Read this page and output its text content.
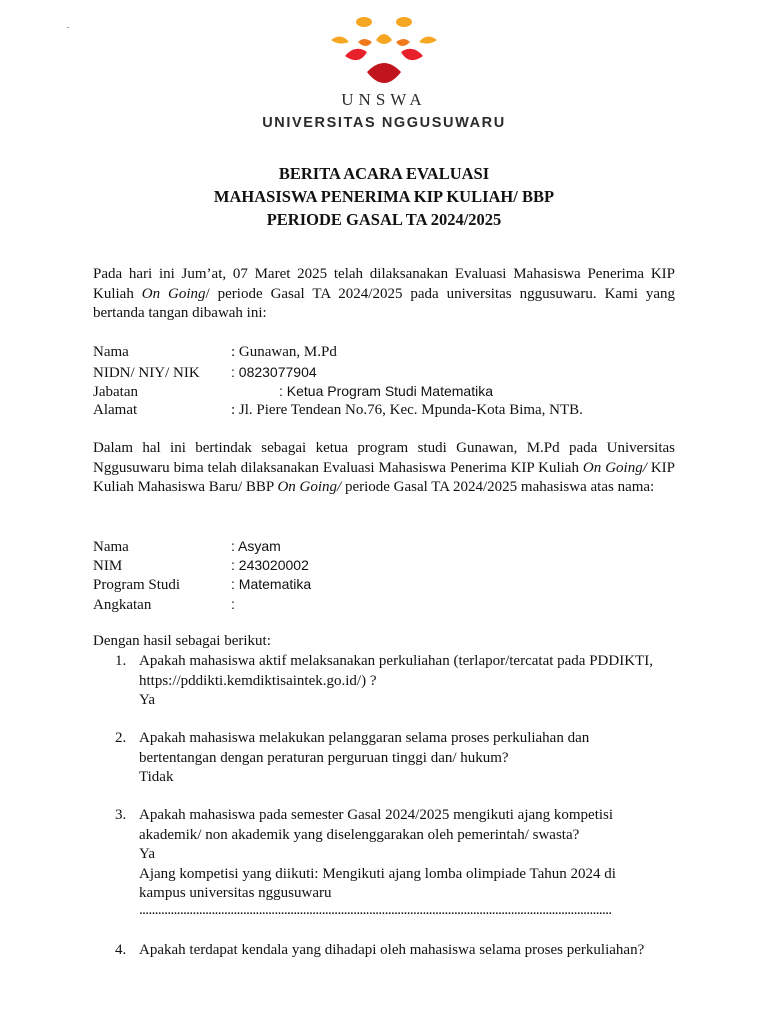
.
UNSWA
UNIVERSITAS NGGUSUWARU
BERITA ACARA EVALUASI
MAHASISWA PENERIMA KIP KULIAH/ BBP
PERIODE GASAL TA 2024/2025
Pada hari ini Jum’at, 07 Maret 2025 telah dilaksanakan Evaluasi Mahasiswa Penerima KIP Kuliah On Going/ periode Gasal TA 2024/2025 pada universitas nggusuwaru. Kami yang bertanda tangan dibawah ini:
Nama	: Gunawan, M.Pd
NIDN/ NIY/ NIK : 0823077904
Jabatan	: Ketua Program Studi Matematika
Alamat	: Jl. Piere Tendean No.76, Kec. Mpunda-Kota Bima, NTB.
Dalam hal ini bertindak sebagai ketua program studi Gunawan, M.Pd pada Universitas Nggusuwaru bima telah dilaksanakan Evaluasi Mahasiswa Penerima KIP Kuliah On Going/ KIP Kuliah Mahasiswa Baru/ BBP On Going/ periode Gasal TA 2024/2025 mahasiswa atas nama:
Nama	: Asyam
NIM	: 243020002
Program Studi	: Matematika
Angkatan	:
Dengan hasil sebagai berikut:
1. Apakah mahasiswa aktif melaksanakan perkuliahan (terlapor/tercatat pada PDDIKTI,
https://pddikti.kemdiktisaintek.go.id/) ?
Ya
2. Apakah mahasiswa melakukan pelanggaran selama proses perkuliahan dan
bertentangan dengan peraturan perguruan tinggi dan/ hukum?
Tidak
3. Apakah mahasiswa pada semester Gasal 2024/2025 mengikuti ajang kompetisi
akademik/ non akademik yang diselenggarakan oleh pemerintah/ swasta?
Ya
Ajang kompetisi yang diikuti: Mengikuti ajang lomba olimpiade Tahun 2024 di
kampus universitas nggusuwaru
......................................................................................................................................................
4. Apakah terdapat kendala yang dihadapi oleh mahasiswa selama proses perkuliahan?
